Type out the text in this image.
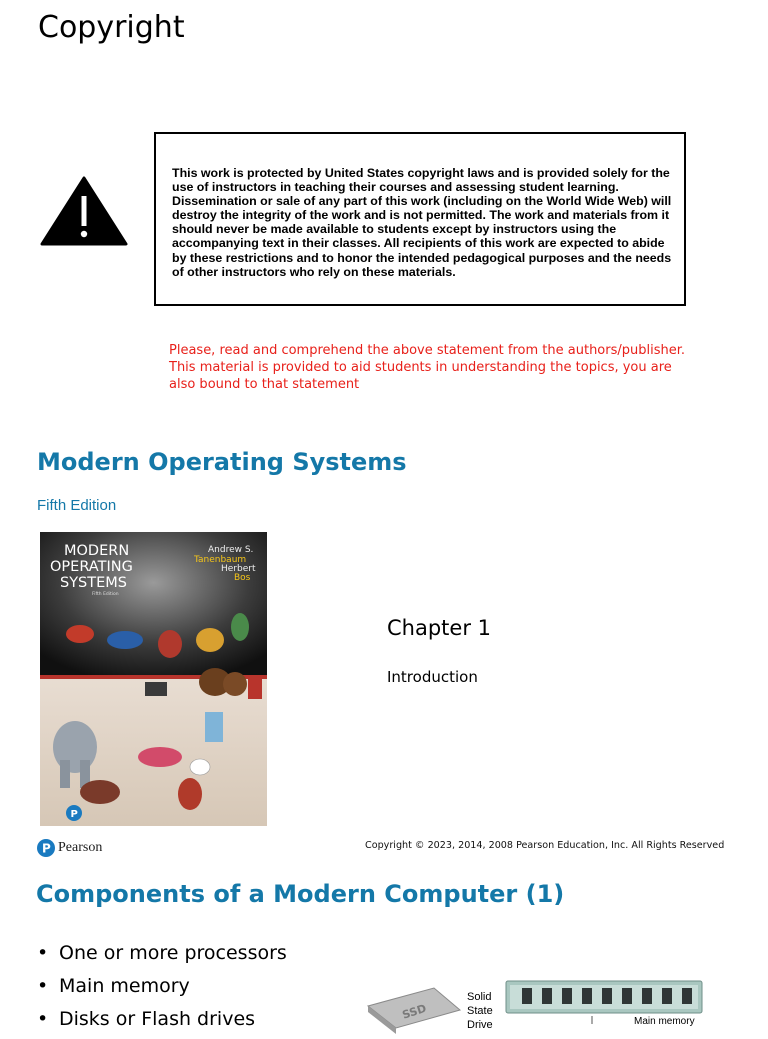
Copyright
This work is protected by United States copyright laws and is provided solely for the use of instructors in teaching their courses and assessing student learning. Dissemination or sale of any part of this work (including on the World Wide Web) will destroy the integrity of the work and is not permitted. The work and materials from it should never be made available to students except by instructors using the accompanying text in their classes. All recipients of this work are expected to abide by these restrictions and to honor the intended pedagogical purposes and the needs of other instructors who rely on these materials.
Please, read and comprehend the above statement from the authors/publisher. This material is provided to aid students in understanding the topics, you are also bound to that statement
Modern Operating Systems
Fifth Edition
MODERN
OPERATING
SYSTEMS
Fifth Edition
Andrew S.
Tanenbaum
Herbert
Bos
P
Chapter 1
Introduction
P Pearson	Copyright © 2023, 2014, 2008 Pearson Education, Inc. All Rights Reserved
Components of a Modern Computer (1)
• One or more processors
• Main memory
• Disks or Flash drives	SSD
Solid
State
Drive	Main memory
